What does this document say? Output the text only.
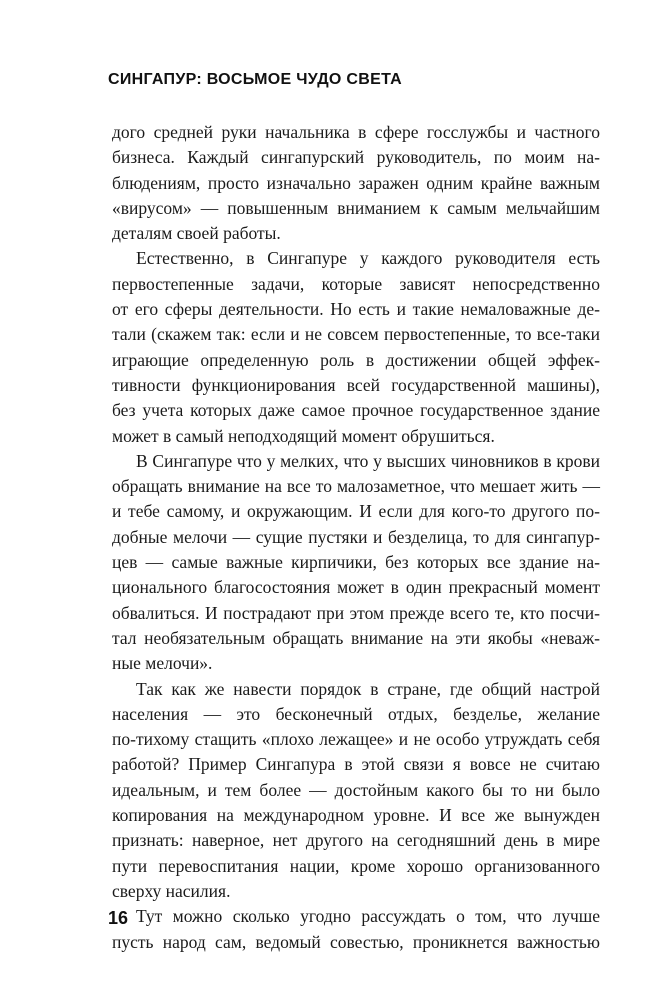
СИНГАПУР: ВОСЬМОЕ ЧУДО СВЕТА
дого средней руки начальника в сфере госслужбы и частного
бизнеса. Каждый сингапурский руководитель, по моим на-
блюдениям, просто изначально заражен одним крайне важным
«вирусом» — повышенным вниманием к самым мельчайшим
деталям своей работы.
Естественно, в Сингапуре у каждого руководителя есть
первостепенные задачи, которые зависят непосредственно
от его сферы деятельности. Но есть и такие немаловажные де-
тали (скажем так: если и не совсем первостепенные, то все-таки
играющие определенную роль в достижении общей эффек-
тивности функционирования всей государственной машины),
без учета которых даже самое прочное государственное здание
может в самый неподходящий момент обрушиться.
В Сингапуре что у мелких, что у высших чиновников в крови
обращать внимание на все то малозаметное, что мешает жить —
и тебе самому, и окружающим. И если для кого-то другого по-
добные мелочи — сущие пустяки и безделица, то для сингапур-
цев — самые важные кирпичики, без которых все здание на-
ционального благосостояния может в один прекрасный момент
обвалиться. И пострадают при этом прежде всего те, кто посчи-
тал необязательным обращать внимание на эти якобы «неваж-
ные мелочи».
Так как же навести порядок в стране, где общий настрой
населения — это бесконечный отдых, безделье, желание
по-тихому стащить «плохо лежащее» и не особо утруждать себя
работой? Пример Сингапура в этой связи я вовсе не считаю
идеальным, и тем более — достойным какого бы то ни было
копирования на международном уровне. И все же вынужден
признать: наверное, нет другого на сегодняшний день в мире
пути перевоспитания нации, кроме хорошо организованного
сверху насилия.
Тут можно сколько угодно рассуждать о том, что лучше
пусть народ сам, ведомый совестью, проникнется важностью
16
